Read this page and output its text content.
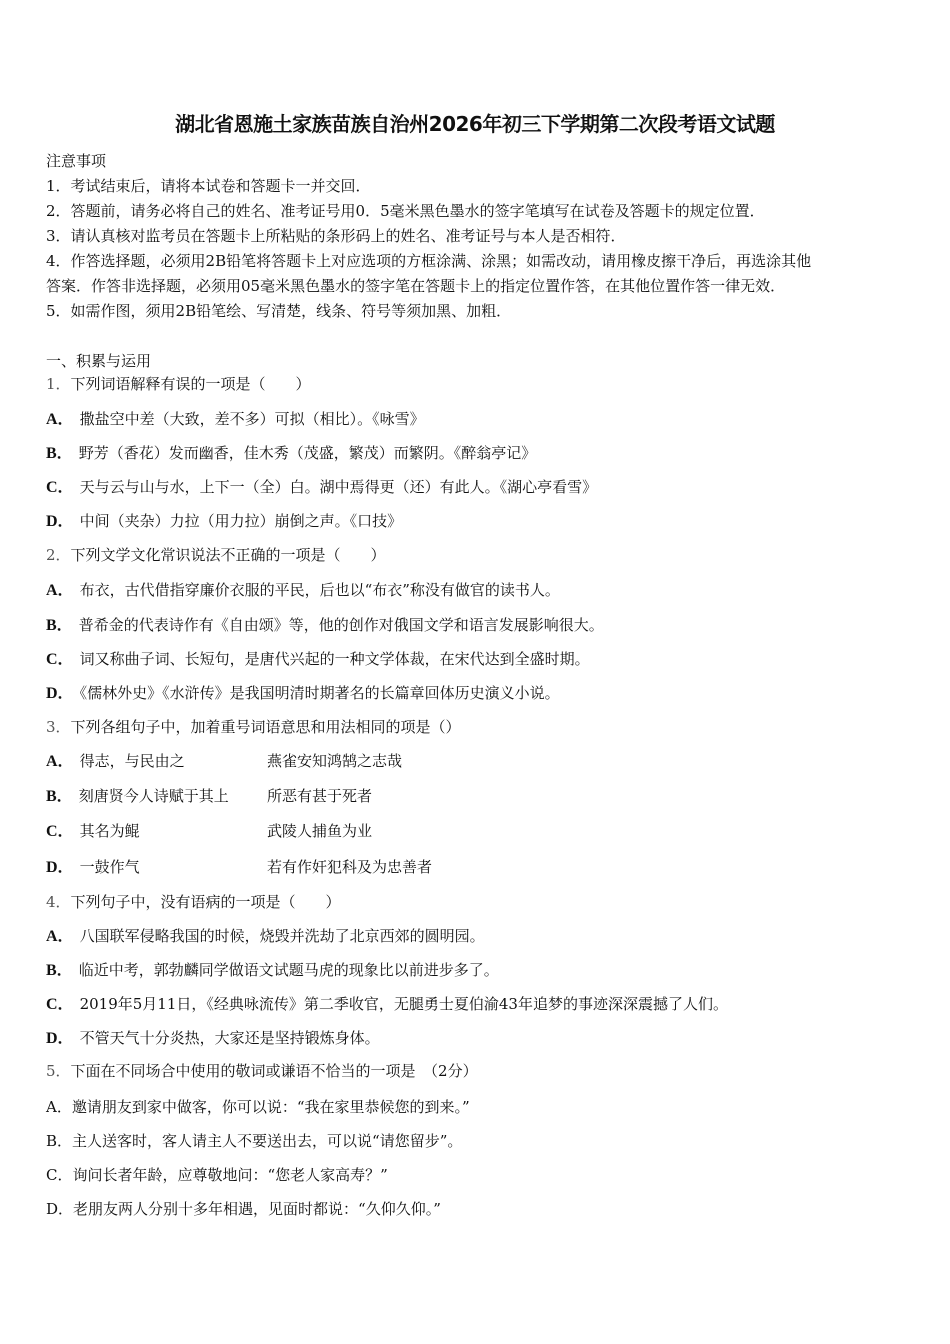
湖北省恩施土家族苗族自治州2026年初三下学期第二次段考语文试题
注意事项
1．考试结束后，请将本试卷和答题卡一并交回．
2．答题前，请务必将自己的姓名、准考证号用0．5毫米黑色墨水的签字笔填写在试卷及答题卡的规定位置．
3．请认真核对监考员在答题卡上所粘贴的条形码上的姓名、准考证号与本人是否相符．
4．作答选择题，必须用2B铅笔将答题卡上对应选项的方框涂满、涂黑；如需改动，请用橡皮擦干净后，再选涂其他
答案．作答非选择题，必须用05毫米黑色墨水的签字笔在答题卡上的指定位置作答，在其他位置作答一律无效．
5．如需作图，须用2B铅笔绘、写清楚，线条、符号等须加黑、加粗．
一、积累与运用
1．下列词语解释有误的一项是（　　）
A． 撒盐空中差（大致，差不多）可拟（相比）。《咏雪》
B． 野芳（香花）发而幽香，佳木秀（茂盛，繁茂）而繁阴。《醉翁亭记》
C． 天与云与山与水，上下一（全）白。湖中焉得更（还）有此人。《湖心亭看雪》
D． 中间（夹杂）力拉（用力拉）崩倒之声。《口技》
2．下列文学文化常识说法不正确的一项是（　　）
A． 布衣，古代借指穿廉价衣服的平民，后也以“布衣”称没有做官的读书人。
B． 普希金的代表诗作有《自由颂》等，他的创作对俄国文学和语言发展影响很大。
C． 词又称曲子词、长短句，是唐代兴起的一种文学体裁，在宋代达到全盛时期。
D． 《儒林外史》《水浒传》是我国明清时期著名的长篇章回体历史演义小说。
3．下列各组句子中，加着重号词语意思和用法相同的项是（）
A． 得志，与民由之	燕雀安知鸿鹄之志哉
B． 刻唐贤今人诗赋于其上	所恶有甚于死者
C． 其名为鲲	武陵人捕鱼为业
D． 一鼓作气	若有作奸犯科及为忠善者
4．下列句子中，没有语病的一项是（　　）
A． 八国联军侵略我国的时候，烧毁并洗劫了北京西郊的圆明园。
B． 临近中考，郭勃麟同学做语文试题马虎的现象比以前进步多了。
C． 2019年5月11日，《经典咏流传》第二季收官，无腿勇士夏伯渝43年追梦的事迹深深震撼了人们。
D． 不管天气十分炎热，大家还是坚持锻炼身体。
5．下面在不同场合中使用的敬词或谦语不恰当的一项是　（2分）
A．邀请朋友到家中做客，你可以说：“我在家里恭候您的到来。”
B．主人送客时，客人请主人不要送出去，可以说“请您留步”。
C．询问长者年龄，应尊敬地问：“您老人家高寿？”
D．老朋友两人分别十多年相遇，见面时都说：“久仰久仰。”
